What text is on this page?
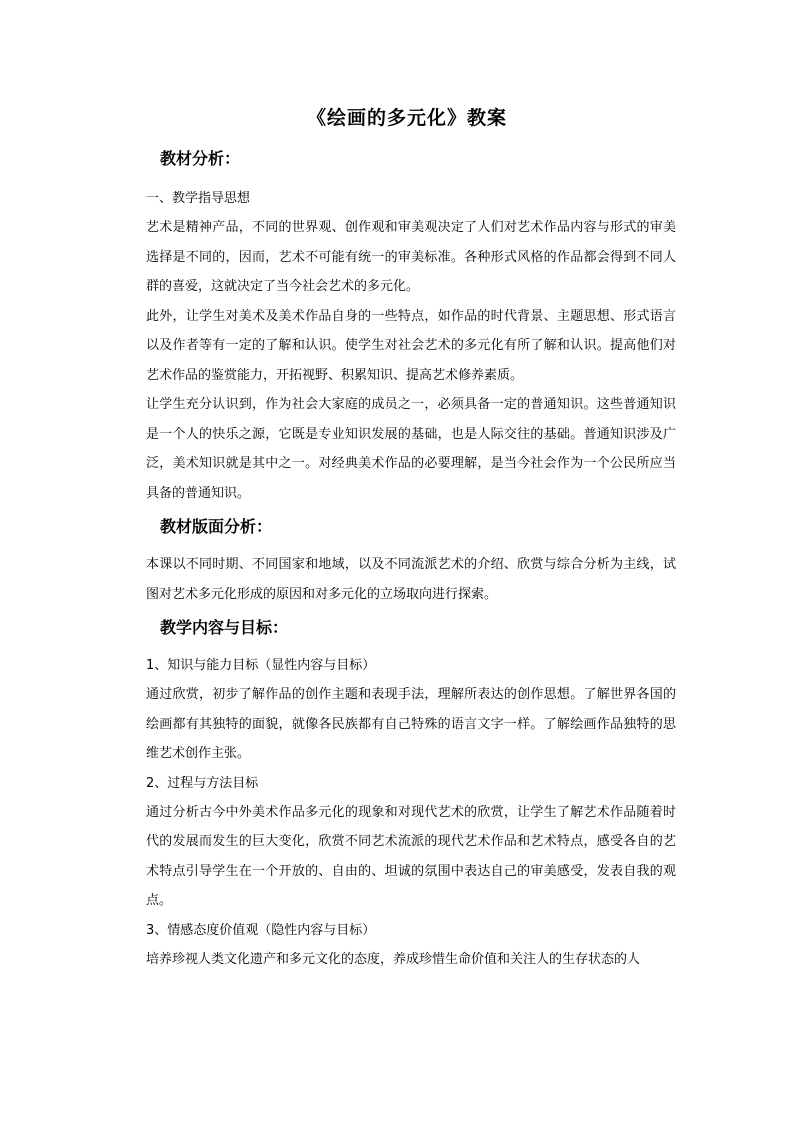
《绘画的多元化》教案
教材分析：

一、教学指导思想

艺术是精神产品，不同的世界观、创作观和审美观决定了人们对艺术作品内容与形式的审美选择是不同的，因而，艺术不可能有统一的审美标准。各种形式风格的作品都会得到不同人群的喜爱，这就决定了当今社会艺术的多元化。

此外，让学生对美术及美术作品自身的一些特点，如作品的时代背景、主题思想、形式语言以及作者等有一定的了解和认识。使学生对社会艺术的多元化有所了解和认识。提高他们对艺术作品的鉴赏能力，开拓视野、积累知识、提高艺术修养素质。

让学生充分认识到，作为社会大家庭的成员之一，必须具备一定的普通知识。这些普通知识是一个人的快乐之源，它既是专业知识发展的基础，也是人际交往的基础。普通知识涉及广泛，美术知识就是其中之一。对经典美术作品的必要理解，是当今社会作为一个公民所应当具备的普通知识。

教材版面分析：

本课以不同时期、不同国家和地域，以及不同流派艺术的介绍、欣赏与综合分析为主线，试图对艺术多元化形成的原因和对多元化的立场取向进行探索。

教学内容与目标：

1、知识与能力目标（显性内容与目标）

通过欣赏，初步了解作品的创作主题和表现手法，理解所表达的创作思想。了解世界各国的绘画都有其独特的面貌，就像各民族都有自己特殊的语言文字一样。了解绘画作品独特的思维艺术创作主张。

2、过程与方法目标

通过分析古今中外美术作品多元化的现象和对现代艺术的欣赏，让学生了解艺术作品随着时代的发展而发生的巨大变化，欣赏不同艺术流派的现代艺术作品和艺术特点，感受各自的艺术特点引导学生在一个开放的、自由的、坦诚的氛围中表达自己的审美感受，发表自我的观点。

3、情感态度价值观（隐性内容与目标）

培养珍视人类文化遗产和多元文化的态度，养成珍惜生命价值和关注人的生存状态的人
